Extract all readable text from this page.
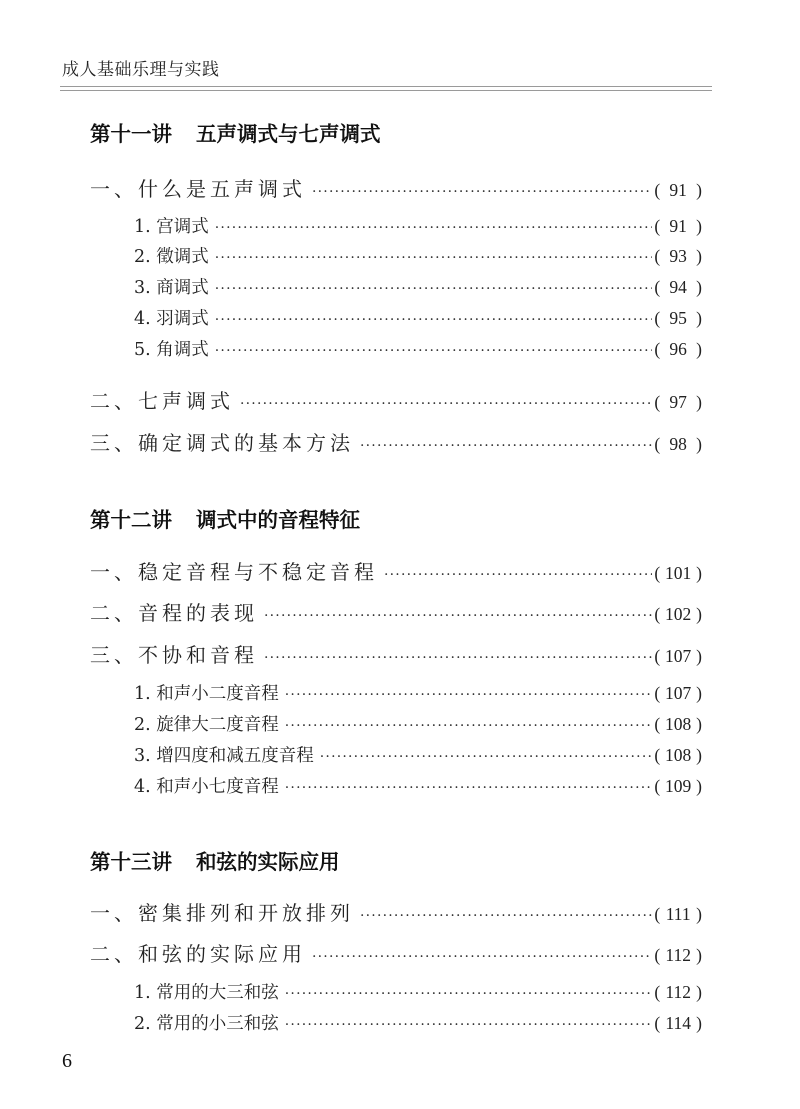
成人基础乐理与实践
第十一讲 五声调式与七声调式
一、什么是五声调式 ·····	( 91 )
1. 宫调式 ·····	( 91 )
2. 徵调式 ·····	( 93 )
3. 商调式 ·····	( 94 )
4. 羽调式 ·····	( 95 )
5. 角调式 ·····	( 96 )
二、七声调式 ·····	( 97 )
三、确定调式的基本方法 ·····	( 98 )
第十二讲 调式中的音程特征
一、稳定音程与不稳定音程 ·····	( 101 )
二、音程的表现 ·····	( 102 )
三、不协和音程 ·····	( 107 )
1. 和声小二度音程 ·····	( 107 )
2. 旋律大二度音程 ·····	( 108 )
3. 增四度和减五度音程 ·····	( 108 )
4. 和声小七度音程 ·····	( 109 )
第十三讲 和弦的实际应用
一、密集排列和开放排列 ·····	( 111 )
二、和弦的实际应用 ·····	( 112 )
1. 常用的大三和弦 ·····	( 112 )
2. 常用的小三和弦 ·····	( 114 )
6
